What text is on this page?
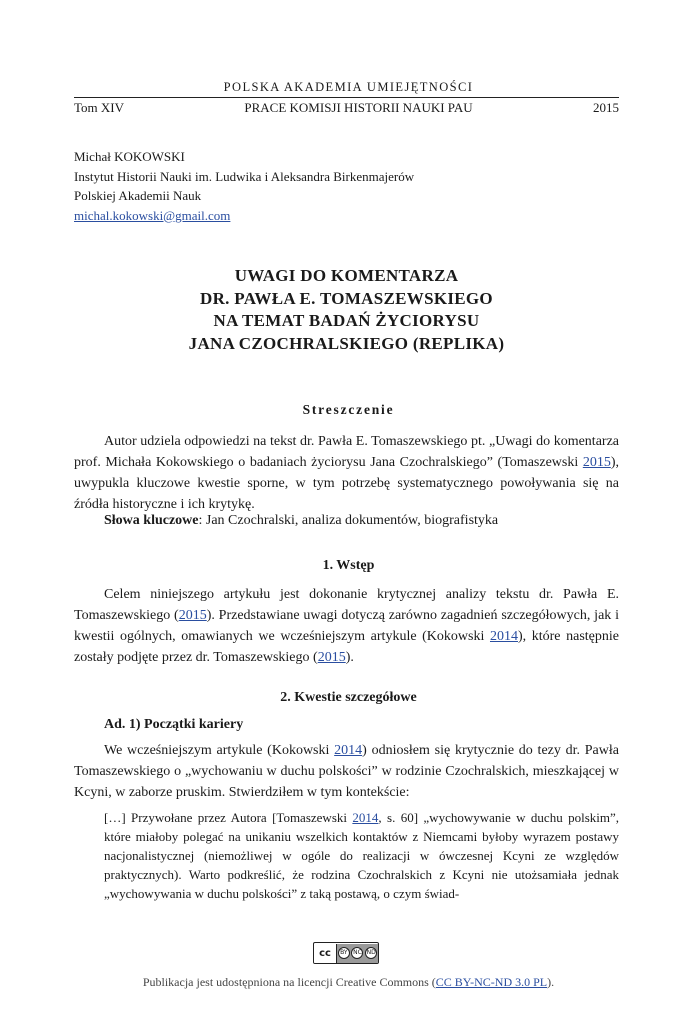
POLSKA AKADEMIA UMIEJĘTNOŚCI
Tom XIV	PRACE KOMISJI HISTORII NAUKI PAU	2015
Michał KOKOWSKI
Instytut Historii Nauki im. Ludwika i Aleksandra Birkenmajerów
Polskiej Akademii Nauk
michal.kokowski@gmail.com
UWAGI DO KOMENTARZA
DR. PAWŁA E. TOMASZEWSKIEGO
NA TEMAT BADAŃ ŻYCIORYSU
JANA CZOCHRALSKIEGO (REPLIKA)
Streszczenie
Autor udziela odpowiedzi na tekst dr. Pawła E. Tomaszewskiego pt. „Uwagi do komentarza prof. Michała Kokowskiego o badaniach życiorysu Jana Czochralskiego” (Tomaszewski 2015), uwypukla kluczowe kwestie sporne, w tym potrzebę systematycznego powoływania się na źródła historyczne i ich krytykę.
Słowa kluczowe: Jan Czochralski, analiza dokumentów, biografistyka
1. Wstęp
Celem niniejszego artykułu jest dokonanie krytycznej analizy tekstu dr. Pawła E. Tomaszewskiego (2015). Przedstawiane uwagi dotyczą zarówno zagadnień szczegółowych, jak i kwestii ogólnych, omawianych we wcześniejszym artykule (Kokowski 2014), które następnie zostały podjęte przez dr. Tomaszewskiego (2015).
2. Kwestie szczegółowe
Ad. 1) Początki kariery
We wcześniejszym artykule (Kokowski 2014) odniosłem się krytycznie do tezy dr. Pawła Tomaszewskiego o „wychowaniu w duchu polskości” w rodzinie Czochralskich, mieszkającej w Kcyni, w zaborze pruskim. Stwierdziłem w tym kontekście:
[…] Przywołane przez Autora [Tomaszewski 2014, s. 60] „wychowywanie w duchu polskim”, które miałoby polegać na unikaniu wszelkich kontaktów z Niemcami byłoby wyrazem postawy nacjonalistycznej (niemożliwej w ogóle do realizacji w ówczesnej Kcyni ze względów praktycznych). Warto podkreślić, że rodzina Czochralskich z Kcyni nie utożsamiała jednak „wychowywania w duchu polskości” z taką postawą, o czym świad-
cc	BY NC ND
Publikacja jest udostępniona na licencji Creative Commons (CC BY-NC-ND 3.0 PL).
